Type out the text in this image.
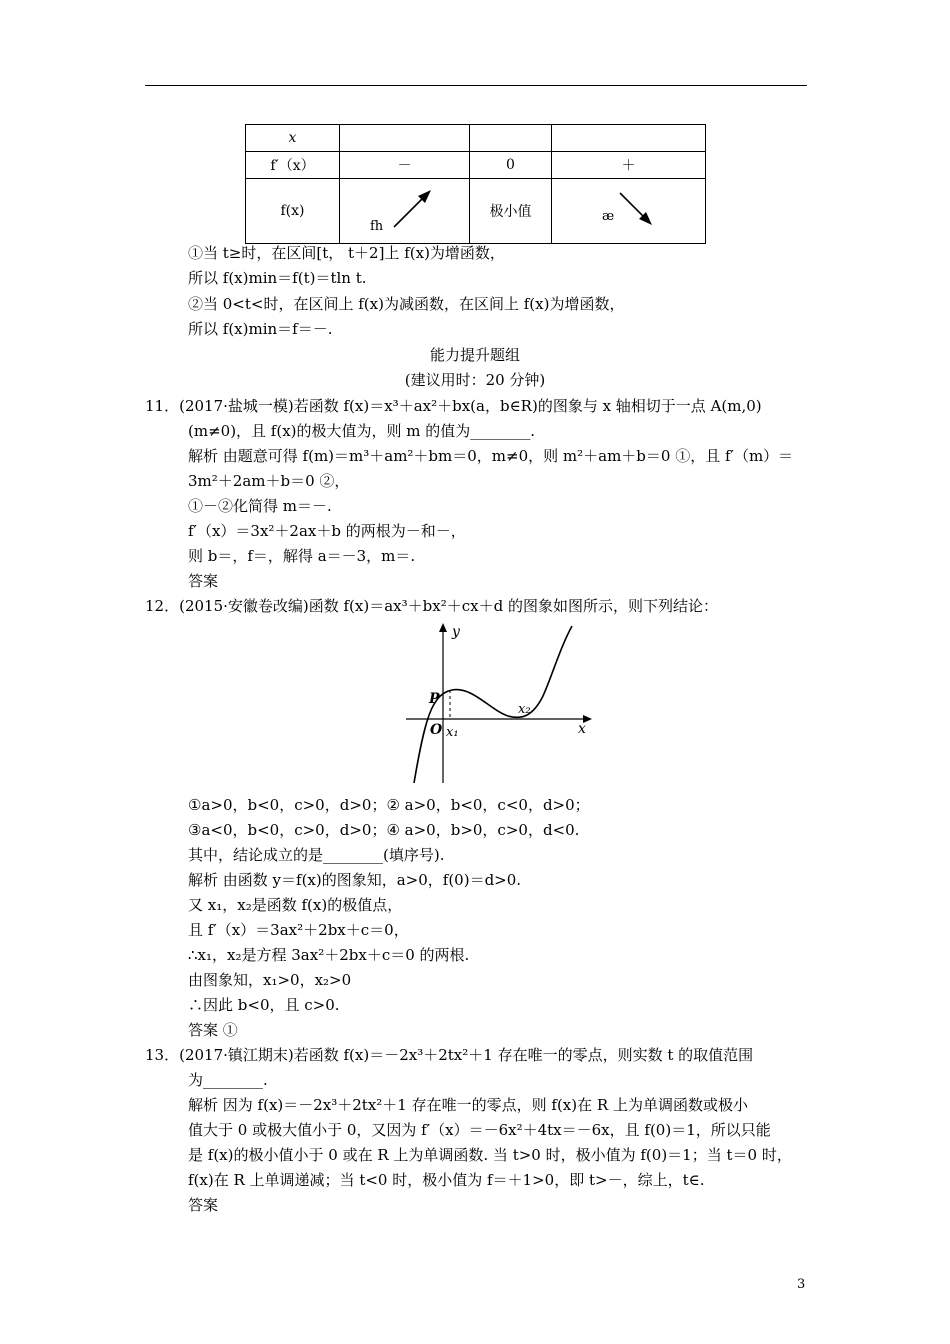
x			
f′（x）	－	0	＋
f(x)	fh	极小值	æ
①当 t≥时，在区间[t， t＋2]上 f(x)为增函数，
所以 f(x)min＝f(t)＝tln t.
②当 0<t<时，在区间上 f(x)为减函数，在区间上 f(x)为增函数，
所以 f(x)min＝f＝－.
能力提升题组
(建议用时：20 分钟)
11．(2017·盐城一模)若函数 f(x)＝x³＋ax²＋bx(a，b∈R)的图象与 x 轴相切于一点 A(m,0)
(m≠0)，且 f(x)的极大值为，则 m 的值为________.
解析 由题意可得 f(m)＝m³＋am²＋bm＝0，m≠0，则 m²＋am＋b＝0 ①，且 f′（m）＝
3m²＋2am＋b＝0 ②，
①－②化简得 m＝－.
f′（x）＝3x²＋2ax＋b 的两根为－和－，
则 b＝，f＝，解得 a＝－3，m＝.
答案
12．(2015·安徽卷改编)函数 f(x)＝ax³＋bx²＋cx＋d 的图象如图所示，则下列结论：
y
x
P
O x₁
x₂
①a>0，b<0，c>0，d>0；② a>0，b<0，c<0，d>0；
③a<0，b<0，c>0，d>0；④ a>0，b>0，c>0，d<0.
其中，结论成立的是________(填序号).
解析 由函数 y＝f(x)的图象知，a>0，f(0)＝d>0.
又 x₁，x₂是函数 f(x)的极值点，
且 f′（x）＝3ax²＋2bx＋c＝0，
∴x₁，x₂是方程 3ax²＋2bx＋c＝0 的两根.
由图象知，x₁>0，x₂>0
∴因此 b<0，且 c>0.
答案 ①
13．(2017·镇江期末)若函数 f(x)＝－2x³＋2tx²＋1 存在唯一的零点，则实数 t 的取值范围
为________.
解析 因为 f(x)＝－2x³＋2tx²＋1 存在唯一的零点，则 f(x)在 R 上为单调函数或极小
值大于 0 或极大值小于 0，又因为 f′（x）＝－6x²＋4tx＝－6x，且 f(0)＝1，所以只能
是 f(x)的极小值小于 0 或在 R 上为单调函数. 当 t>0 时，极小值为 f(0)＝1；当 t＝0 时，
f(x)在 R 上单调递减；当 t<0 时，极小值为 f＝＋1>0，即 t>－，综上，t∈.
答案
3
